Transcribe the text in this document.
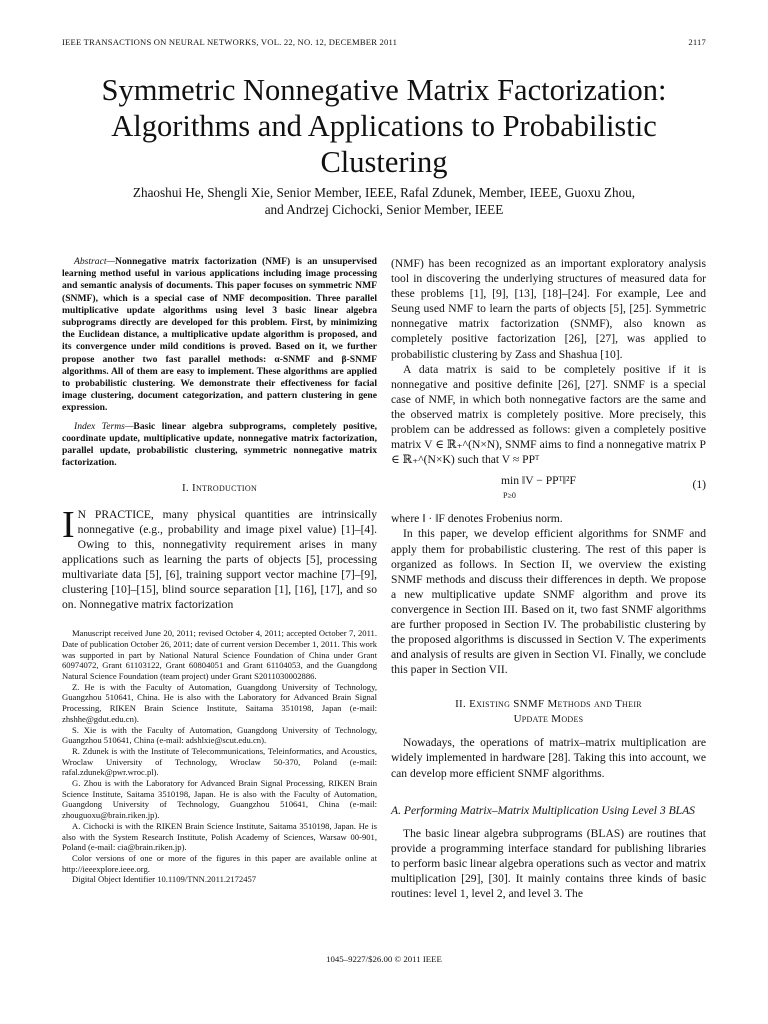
IEEE TRANSACTIONS ON NEURAL NETWORKS, VOL. 22, NO. 12, DECEMBER 2011	2117
Symmetric Nonnegative Matrix Factorization:
Algorithms and Applications to Probabilistic
Clustering
Zhaoshui He, Shengli Xie, Senior Member, IEEE, Rafal Zdunek, Member, IEEE, Guoxu Zhou,
and Andrzej Cichocki, Senior Member, IEEE

Abstract—Nonnegative matrix factorization (NMF) is an unsupervised learning method useful in various applications including image processing and semantic analysis of documents. This paper focuses on symmetric NMF (SNMF), which is a special case of NMF decomposition. Three parallel multiplicative update algorithms using level 3 basic linear algebra subprograms directly are developed for this problem. First, by minimizing the Euclidean distance, a multiplicative update algorithm is proposed, and its convergence under mild conditions is proved. Based on it, we further propose another two fast parallel methods: α-SNMF and β-SNMF algorithms. All of them are easy to implement. These algorithms are applied to probabilistic clustering. We demonstrate their effectiveness for facial image clustering, document categorization, and pattern clustering in gene expression.

Index Terms—Basic linear algebra subprograms, completely positive, coordinate update, multiplicative update, nonnegative matrix factorization, parallel update, probabilistic clustering, symmetric nonnegative matrix factorization.

I. Introduction

I N PRACTICE, many physical quantities are intrinsically nonnegative (e.g., probability and image pixel value) [1]–[4]. Owing to this, nonnegativity requirement arises in many applications such as learning the parts of objects [5], processing multivariate data [5], [6], training support vector machine [7]–[9], clustering [10]–[15], blind source separation [1], [16], [17], and so on. Nonnegative matrix factorization

Manuscript received June 20, 2011; revised October 4, 2011; accepted October 7, 2011. Date of publication October 26, 2011; date of current version December 1, 2011. This work was supported in part by National Natural Science Foundation of China under Grant 60974072, Grant 61103122, Grant 60804051 and Grant 61104053, and the Guangdong Natural Science Foundation (team project) under Grant S2011030002886.

Z. He is with the Faculty of Automation, Guangdong University of Technology, Guangzhou 510641, China. He is also with the Laboratory for Advanced Brain Signal Processing, RIKEN Brain Science Institute, Saitama 3510198, Japan (e-mail: zhshhe@gdut.edu.cn).

S. Xie is with the Faculty of Automation, Guangdong University of Technology, Guangzhou 510641, China (e-mail: adshlxie@scut.edu.cn).

R. Zdunek is with the Institute of Telecommunications, Teleinformatics, and Acoustics, Wroclaw University of Technology, Wroclaw 50-370, Poland (e-mail: rafal.zdunek@pwr.wroc.pl).

G. Zhou is with the Laboratory for Advanced Brain Signal Processing, RIKEN Brain Science Institute, Saitama 3510198, Japan. He is also with the Faculty of Automation, Guangdong University of Technology, Guangzhou 510641, China (e-mail: zhouguoxu@brain.riken.jp).

A. Cichocki is with the RIKEN Brain Science Institute, Saitama 3510198, Japan. He is also with the System Research Institute, Polish Academy of Sciences, Warsaw 00-901, Poland (e-mail: cia@brain.riken.jp).

Color versions of one or more of the figures in this paper are available online at http://ieeexplore.ieee.org.

Digital Object Identifier 10.1109/TNN.2011.2172457

(NMF) has been recognized as an important exploratory analysis tool in discovering the underlying structures of measured data for these problems [1], [9], [13], [18]–[24]. For example, Lee and Seung used NMF to learn the parts of objects [5], [25]. Symmetric nonnegative matrix factorization (SNMF), also known as completely positive factorization [26], [27], was applied to probabilistic clustering by Zass and Shashua [10].

A data matrix is said to be completely positive if it is nonnegative and positive definite [26], [27]. SNMF is a special case of NMF, in which both nonnegative factors are the same and the observed matrix is completely positive. More precisely, this problem can be addressed as follows: given a completely positive matrix V ∈ ℝ₊^(N×N), SNMF aims to find a nonnegative matrix P ∈ ℝ₊^(N×K) such that V ≈ PPᵀ

min ‖V − PPᵀ‖²F
P≥0
(1)

where ‖ · ‖F denotes Frobenius norm.

In this paper, we develop efficient algorithms for SNMF and apply them for probabilistic clustering. The rest of this paper is organized as follows. In Section II, we overview the existing SNMF methods and discuss their differences in depth. We propose a new multiplicative update SNMF algorithm and prove its convergence in Section III. Based on it, two fast SNMF algorithms are further proposed in Section IV. The probabilistic clustering by the proposed algorithms is discussed in Section V. The experiments and analysis of results are given in Section VI. Finally, we conclude this paper in Section VII.

II. Existing SNMF Methods and Their
Update Modes

Nowadays, the operations of matrix–matrix multiplication are widely implemented in hardware [28]. Taking this into account, we can develop more efficient SNMF algorithms.

A. Performing Matrix–Matrix Multiplication Using Level 3 BLAS

The basic linear algebra subprograms (BLAS) are routines that provide a programming interface standard for publishing libraries to perform basic linear algebra operations such as vector and matrix multiplication [29], [30]. It mainly contains three kinds of basic routines: level 1, level 2, and level 3. The

1045–9227/$26.00 © 2011 IEEE
